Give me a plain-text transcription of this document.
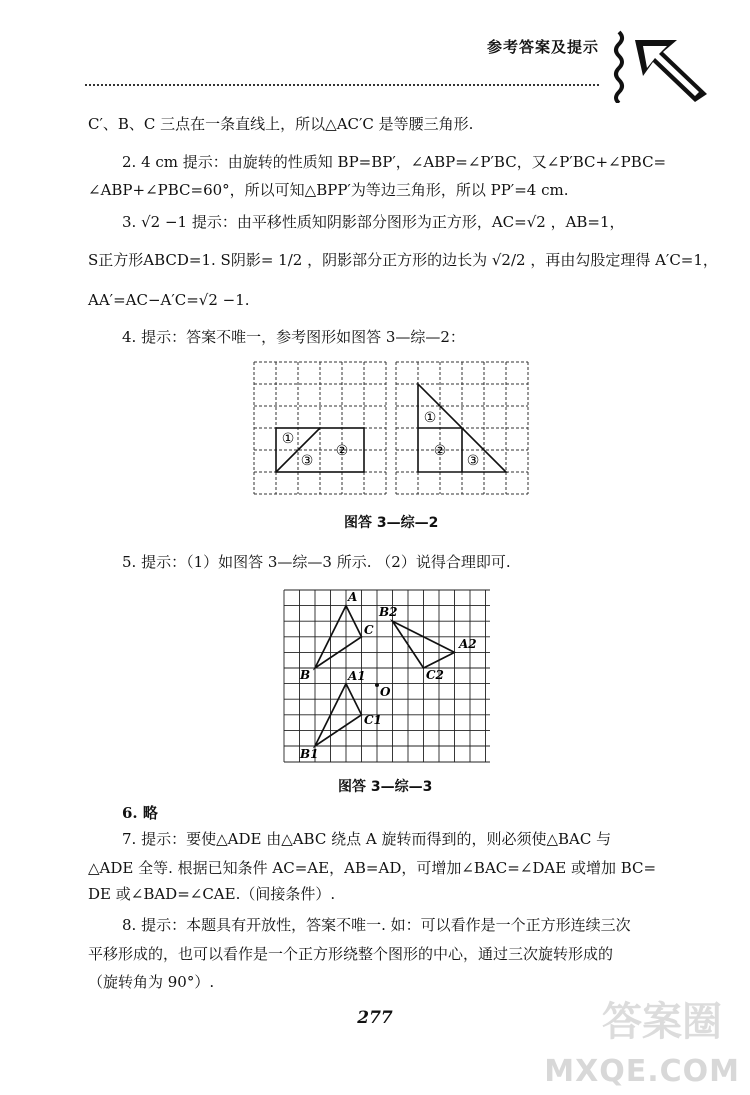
参考答案及提示
C′、B、C 三点在一条直线上，所以△AC′C 是等腰三角形.
2. 4 cm 提示：由旋转的性质知 BP=BP′，∠ABP=∠P′BC，又∠P′BC+∠PBC=
∠ABP+∠PBC=60°，所以可知△BPP′为等边三角形，所以 PP′=4 cm.
3. √2 −1 提示：由平移性质知阴影部分图形为正方形，AC=√2 ，AB=1，
S正方形ABCD=1. S阴影= 1/2 ，阴影部分正方形的边长为 √2/2 ，再由勾股定理得 A′C=1，
AA′=AC−A′C=√2 −1.
4. 提示：答案不唯一，参考图形如图答 3—综—2：
①
②
③
①
②
③
图答 3—综—2
5. 提示：（1）如图答 3—综—3 所示. （2）说得合理即可.
A
C
B
B2
A2
C2
A1
O
C1
B1
图答 3—综—3
6. 略
7. 提示：要使△ADE 由△ABC 绕点 A 旋转而得到的，则必须使△BAC 与
△ADE 全等. 根据已知条件 AC=AE，AB=AD，可增加∠BAC=∠DAE 或增加 BC=
DE 或∠BAD=∠CAE.（间接条件）.
8. 提示：本题具有开放性，答案不唯一. 如：可以看作是一个正方形连续三次
平移形成的，也可以看作是一个正方形绕整个图形的中心，通过三次旋转形成的
（旋转角为 90°）.
277	答案圈
MXQE.COM
